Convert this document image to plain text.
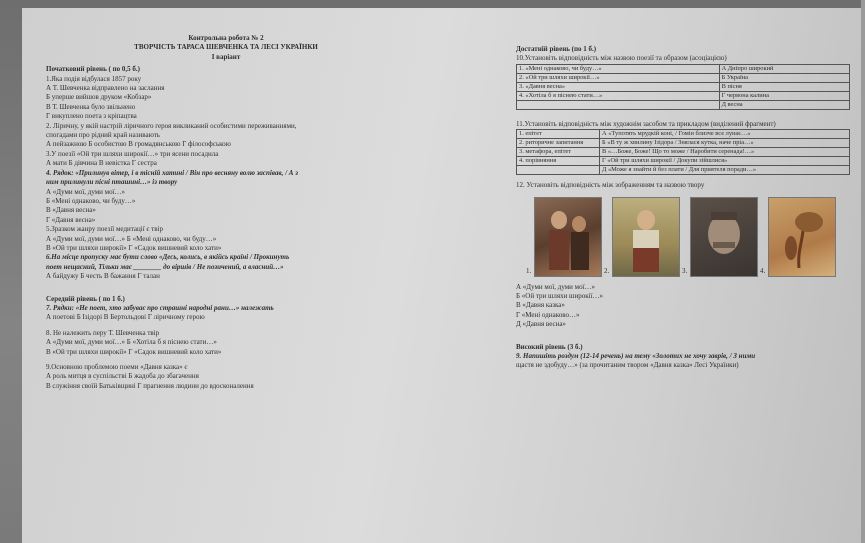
Контрольна робота № 2

ТВОРЧІСТЬ ТАРАСА ШЕВЧЕНКА ТА ЛЕСІ УКРАЇНКИ

I варіант

Початковий рівень ( по 0,5 б.)

1.Яка подія відбулася 1857 року

А Т. Шевченка відправлено на заслання

Б уперше вийшов друком «Кобзар»

В Т. Шевченка було звільнено

Г викуплено поета з кріпацтва

2. Ліричну, у якій настрій ліричного героя викликаний особистими переживаннями,

спогадами про рідний край називають

А пейзажною Б особистою В громадянською Г філософською

3.У поезії «Ой три шляхи широкії…» три ясени посадила

А мати Б дівчина В невістка Г сестра

4. Рядок: «Прилинув вітер, і в тісній хатині / Він про весняну волю заспівав, / А з

ним прилинули пісні пташині…» із твору

А «Думи мої, думи мої…»

Б «Мені однаково, чи буду…»

В «Давня весна»

Г «Давня весна»

5.Зразком жанру поезії медитації є твір

А «Думи мої, думи мої…» Б «Мені однаково, чи буду…»

В «Ой три шляхи широкії» Г «Садок вишневий коло хати»

6.На місце пропуску має бути слово «Десь, колись, в якійсь країні / Прокинуть

поет нещасний, Тільки має ________ до віршів / Не позичений, а власний…»

А байдужу Б честь В бажання Г талан

Середній рівень ( по 1 б.)

7. Рядки: «Не поет, хто забуває про страшні народні рани…» належать

А поетові Б Ізідорі В Бертольдові Г ліричному герою

8. Не належить перу Т. Шевченка твір

А «Думи мої, думи мої…» Б «Хотіла б я піснею стати…»

В «Ой три шляхи широкії» Г «Садок вишневий коло хати»

9.Основною проблемою поеми «Давня казка» є

А роль митця в суспільстві Б жадоба до збагачення

В служіння своїй Батьківщині Г прагнення людини до вдосконалення

Достатній рівень (по 1 б.)

10.Установіть відповідність між назвою поезії та образом (асоціацією)

1. «Мені однаково, чи буду…»	А Дніпро широкий
2. «Ой три шляхи широкії…»	Б Україна
3. «Давня весна»	В пісня
4. «Хотіла б я піснею стати…»	Г червона калина
	Д весна

11.Установіть відповідність між художнім засобом та прикладом (виділений фрагмент)

1. епітет	А «Тупотять мрудкій коні, / Гомін близче все лунає…»
2. риторичне запитання	Б «В ту ж хвилину Ізідора / Знялася кутка, наче пріа…»
3. метафора, епітет	В «…Боже, Боже! Що то може / Наробити серенада!…»
4. порівняння	Г «Ой три шляхи широкії / Докупи зійшлися»
	Д «Може я знайти й без плати / Для приятеля поради…»

12. Установіть відповідність між зображенням та назвою твору

1.	2.	3.	4.

А «Думи мої, думи мої…»

Б «Ой три шляхи широкії…»

В «Давня казка»

Г «Мені однаково…»

Д «Давня весна»

Високий рівень (3 б.)

9. Напишіть роздум (12-14 речень) на тему «Золотих не хочу заврів, / З ними

щастя не здобуду…» (за прочитаним твором «Давня казка» Лесі Українки)
